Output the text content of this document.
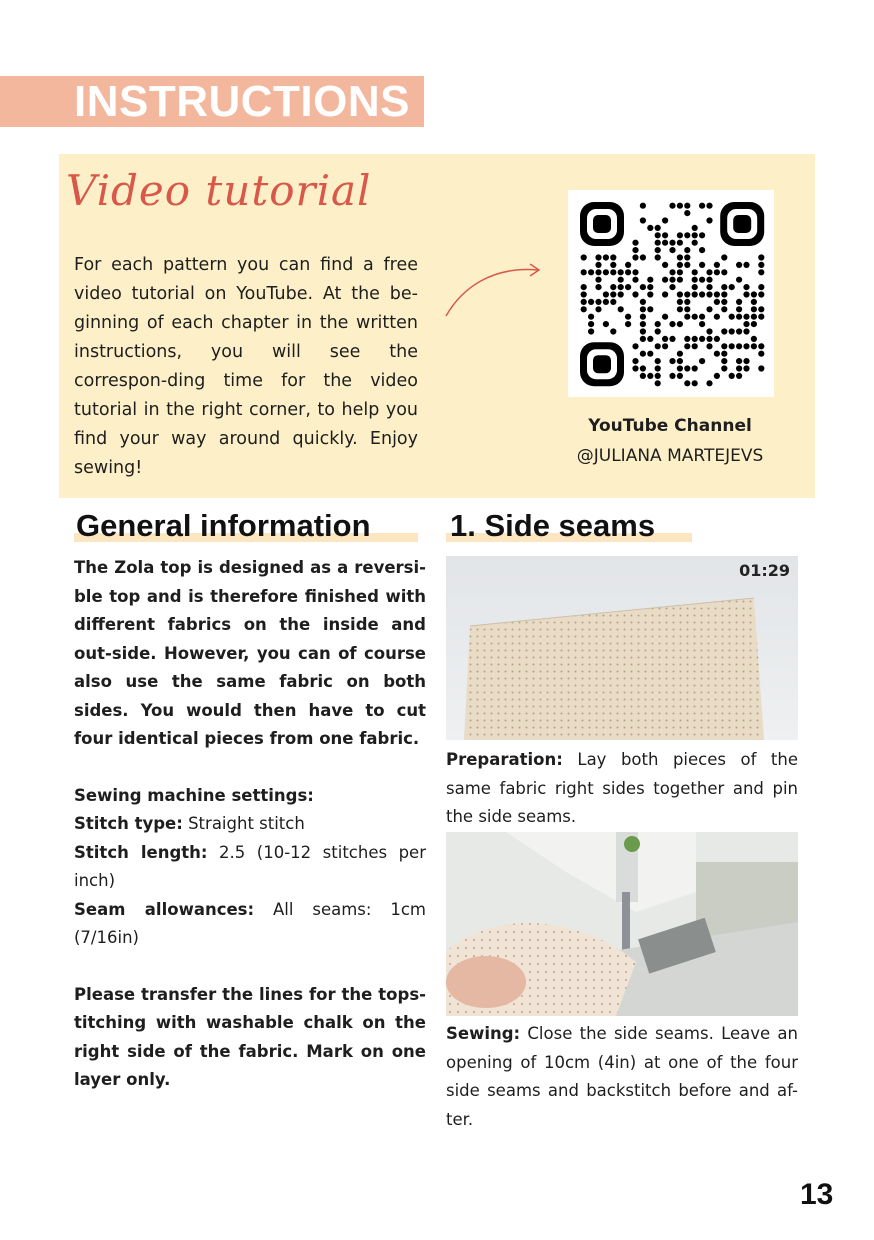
INSTRUCTIONS
Video tutorial

For each pattern you can find a free video tutorial on YouTube. At the be-ginning of each chapter in the written instructions, you will see the correspon-ding time for the video tutorial in the right corner, to help you find your way around quickly. Enjoy sewing!

YouTube Channel
@JULIANA MARTEJEVS
General information

The Zola top is designed as a reversi-ble top and is therefore finished with different fabrics on the inside and out-side. However, you can of course also use the same fabric on both sides. You would then have to cut four identical pieces from one fabric.

Sewing machine settings:

Stitch type: Straight stitch

Stitch length: 2.5 (10-12 stitches per inch)

Seam allowances: All seams: 1cm (7/16in)

Please transfer the lines for the tops-titching with washable chalk on the right side of the fabric. Mark on one layer only.

1. Side seams
01:29

Preparation: Lay both pieces of the same fabric right sides together and pin the side seams.

Sewing: Close the side seams. Leave an opening of 10cm (4in) at one of the four side seams and backstitch before and af-ter.

13
